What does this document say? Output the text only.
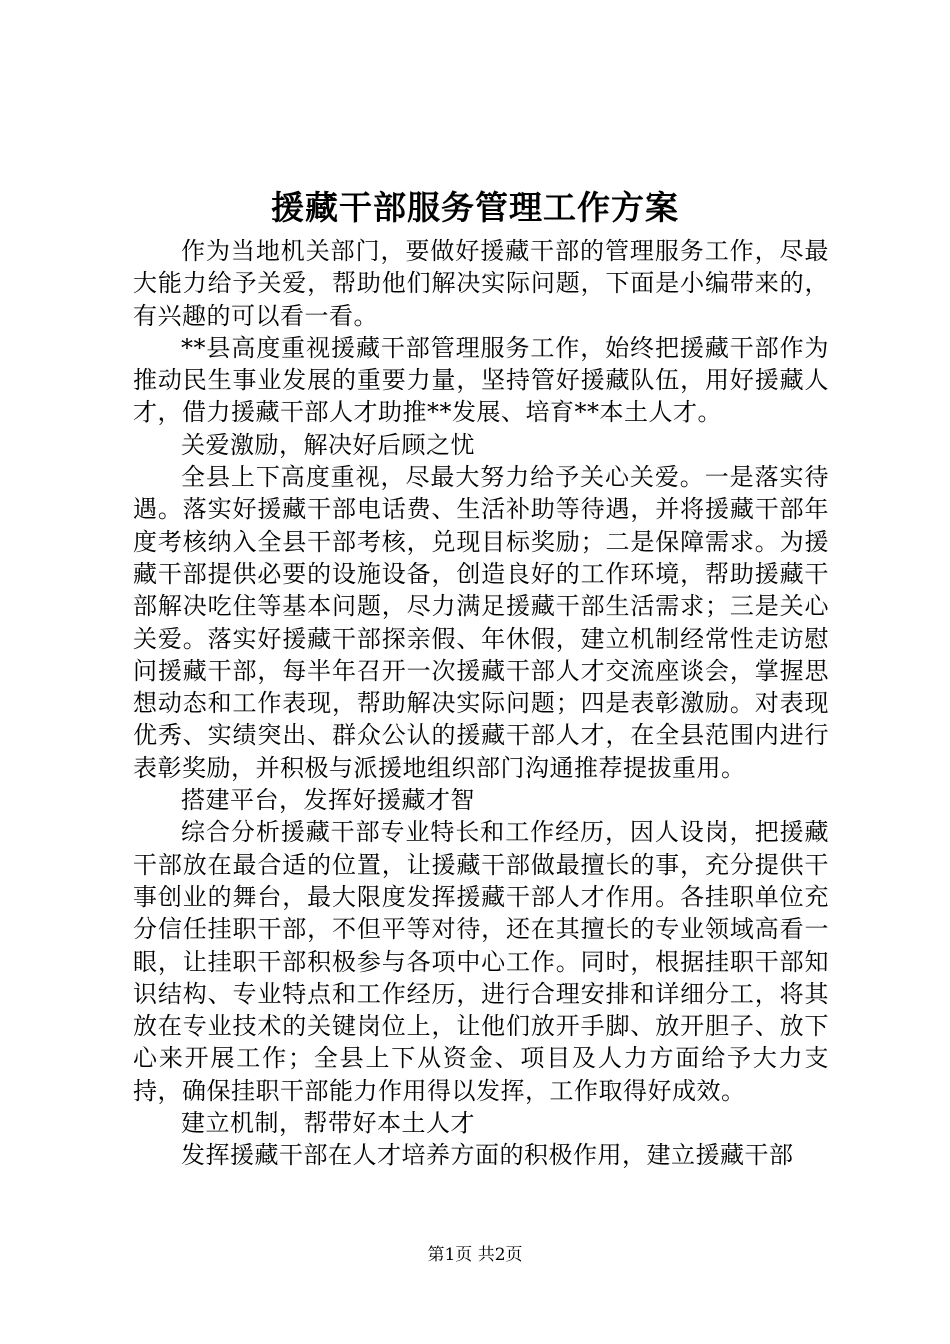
援藏干部服务管理工作方案

作为当地机关部门，要做好援藏干部的管理服务工作，尽最大能力给予关爱，帮助他们解决实际问题，下面是小编带来的，有兴趣的可以看一看。

**县高度重视援藏干部管理服务工作，始终把援藏干部作为推动民生事业发展的重要力量，坚持管好援藏队伍，用好援藏人才，借力援藏干部人才助推**发展、培育**本土人才。

关爱激励，解决好后顾之忧

全县上下高度重视，尽最大努力给予关心关爱。一是落实待遇。落实好援藏干部电话费、生活补助等待遇，并将援藏干部年度考核纳入全县干部考核，兑现目标奖励；二是保障需求。为援藏干部提供必要的设施设备，创造良好的工作环境，帮助援藏干部解决吃住等基本问题，尽力满足援藏干部生活需求；三是关心关爱。落实好援藏干部探亲假、年休假，建立机制经常性走访慰问援藏干部，每半年召开一次援藏干部人才交流座谈会，掌握思想动态和工作表现，帮助解决实际问题；四是表彰激励。对表现优秀、实绩突出、群众公认的援藏干部人才，在全县范围内进行表彰奖励，并积极与派援地组织部门沟通推荐提拔重用。

搭建平台，发挥好援藏才智

综合分析援藏干部专业特长和工作经历，因人设岗，把援藏干部放在最合适的位置，让援藏干部做最擅长的事，充分提供干事创业的舞台，最大限度发挥援藏干部人才作用。各挂职单位充分信任挂职干部，不但平等对待，还在其擅长的专业领域高看一眼，让挂职干部积极参与各项中心工作。同时，根据挂职干部知识结构、专业特点和工作经历，进行合理安排和详细分工，将其放在专业技术的关键岗位上，让他们放开手脚、放开胆子、放下心来开展工作；全县上下从资金、项目及人力方面给予大力支持，确保挂职干部能力作用得以发挥，工作取得好成效。

建立机制，帮带好本土人才

发挥援藏干部在人才培养方面的积极作用，建立援藏干部

第1页 共2页
